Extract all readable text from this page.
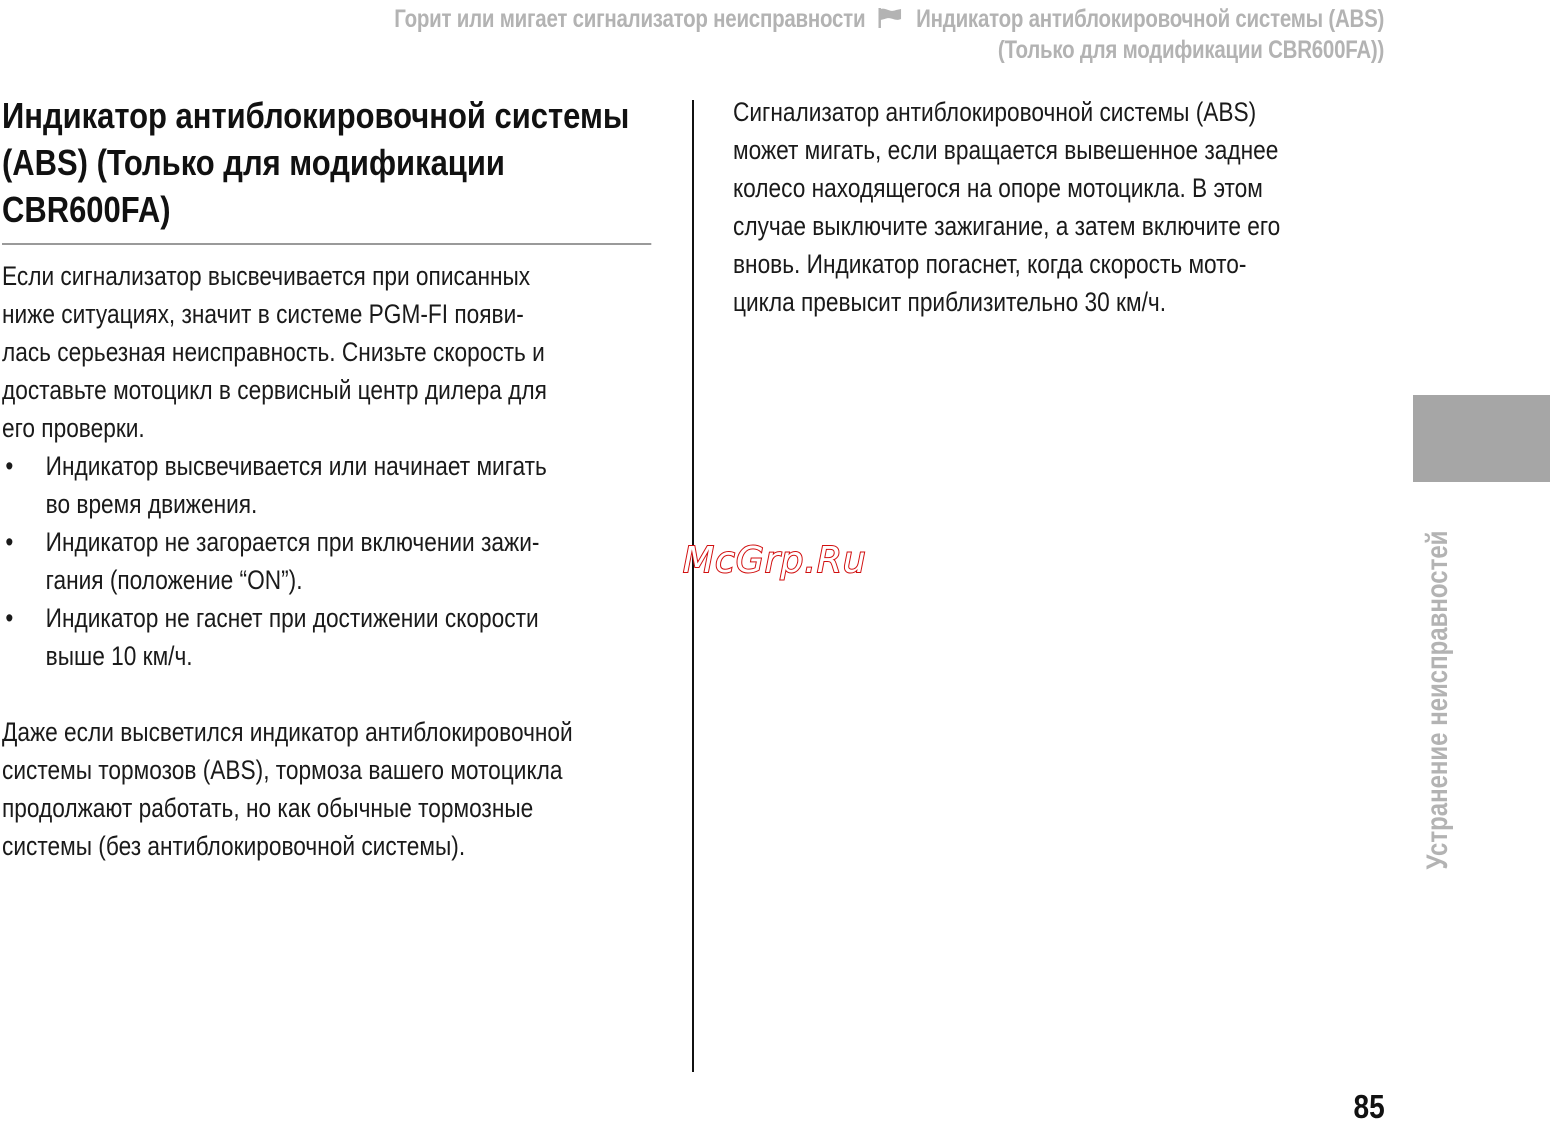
Горит или мигает сигнализатор неисправности Индикатор антиблокировочной системы (ABS)
(Только для модификации CBR600FA))
Индикатор антиблокировочной системы
(ABS) (Только для модификации
CBR600FA)

Если сигнализатор высвечивается при описанных
ниже ситуациях, значит в системе PGM-FI появи-
лась серьезная неисправность. Снизьте скорость и
доставьте мотоцикл в сервисный центр дилера для
его проверки.

• Индикатор высвечивается или начинает мигать
во время движения.
• Индикатор не загорается при включении зажи-
гания (положение “ON”).
• Индикатор не гаснет при достижении скорости
выше 10 км/ч.

Даже если высветился индикатор антиблокировочной
системы тормозов (ABS), тормоза вашего мотоцикла
продолжают работать, но как обычные тормозные
системы (без антиблокировочной системы).

Сигнализатор антиблокировочной системы (ABS)
может мигать, если вращается вывешенное заднее
колесо находящегося на опоре мотоцикла. В этом
случае выключите зажигание, а затем включите его
вновь. Индикатор погаснет, когда скорость мото-
цикла превысит приблизительно 30 км/ч.

McGrp.Ru	Устранение неисправностей
85
